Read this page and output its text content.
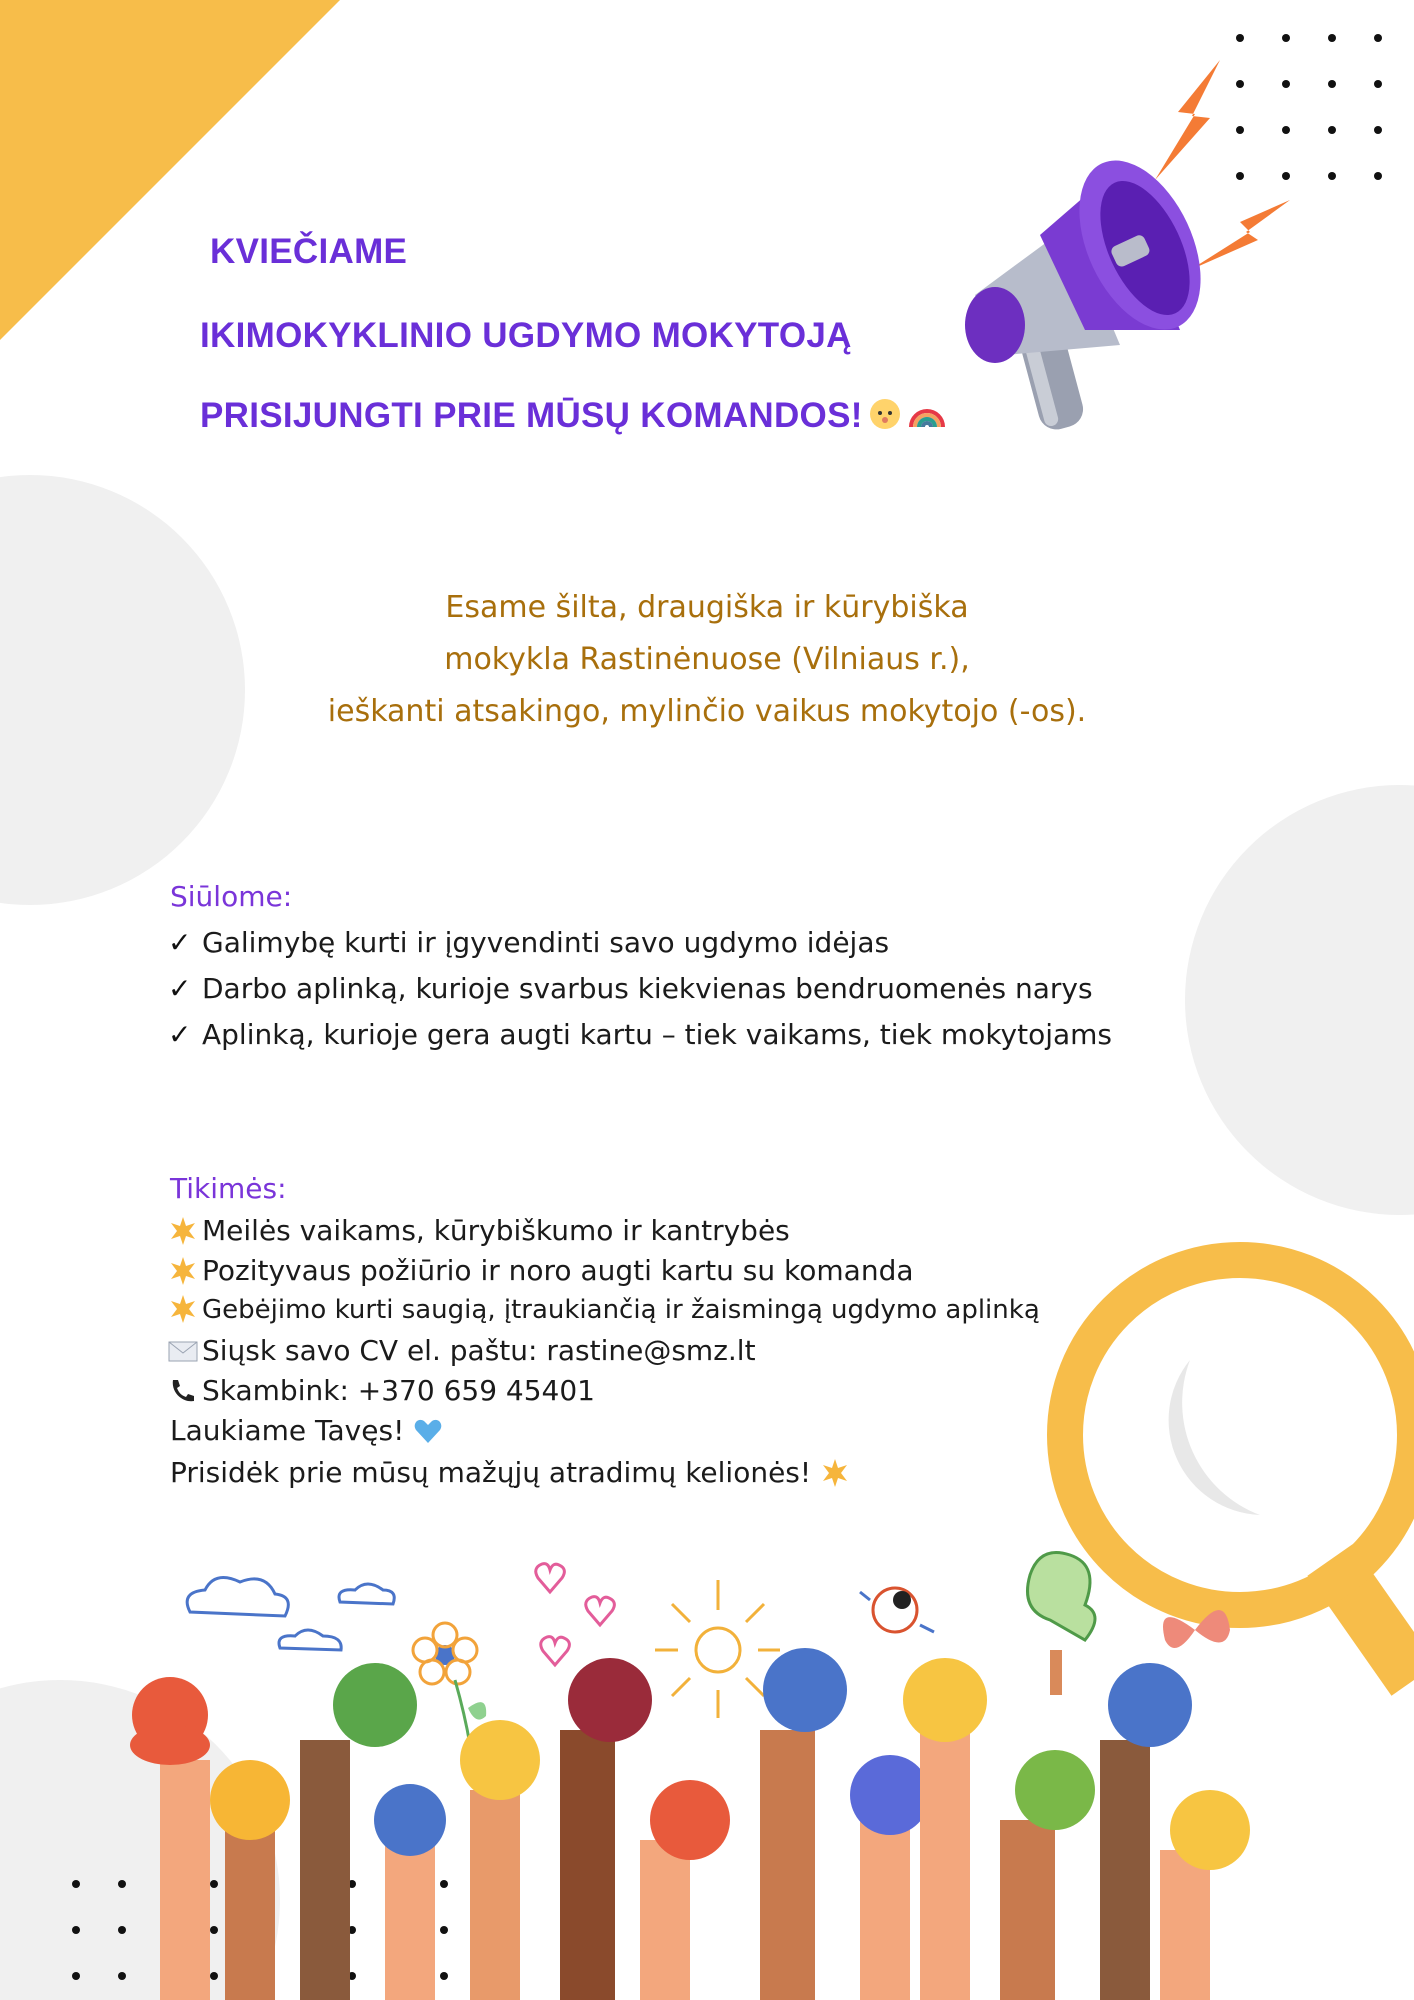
KVIEČIAME
IKIMOKYKLINIO UGDYMO MOKYTOJĄ
PRISIJUNGTI PRIE MŪSŲ KOMANDOS!
Esame šilta, draugiška ir kūrybiška
mokykla Rastinėnuose (Vilniaus r.),
ieškanti atsakingo, mylinčio vaikus mokytojo (-os).
Siūlome:
✓ Galimybę kurti ir įgyvendinti savo ugdymo idėjas
✓ Darbo aplinką, kurioje svarbus kiekvienas bendruomenės narys
✓ Aplinką, kurioje gera augti kartu – tiek vaikams, tiek mokytojams
Tikimės:
Meilės vaikams, kūrybiškumo ir kantrybės
Pozityvaus požiūrio ir noro augti kartu su komanda
Gebėjimo kurti saugią, įtraukiančią ir žaismingą ugdymo aplinką
Siųsk savo CV el. paštu: rastine@smz.lt
Skambink: +370 659 45401
Laukiame Tavęs!
Prisidėk prie mūsų mažųjų atradimų kelionės!
